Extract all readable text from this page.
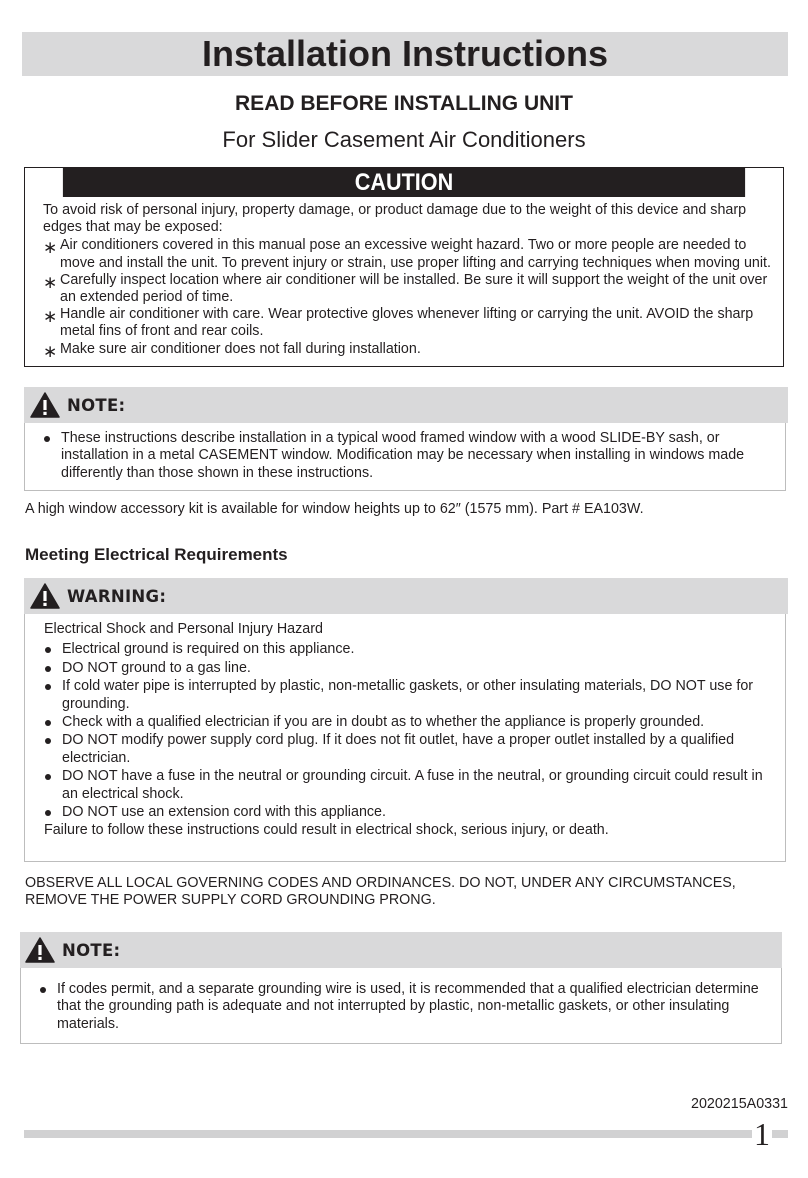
Installation Instructions
READ BEFORE INSTALLING UNIT
For Slider Casement Air Conditioners
CAUTION

To avoid risk of personal injury, property damage, or product damage due to the weight of this device and sharp edges that may be exposed:

∗ Air conditioners covered in this manual pose an excessive weight hazard. Two or more people are needed to move and install the unit. To prevent injury or strain, use proper lifting and carrying techniques when moving unit.
∗ Carefully inspect location where air conditioner will be installed. Be sure it will support the weight of the unit over an extended period of time.
∗ Handle air conditioner with care. Wear protective gloves whenever lifting or carrying the unit. AVOID the sharp metal fins of front and rear coils.
∗ Make sure air conditioner does not fall during installation.
NOTE:
These instructions describe installation in a typical wood framed window with a wood SLIDE-BY sash, or installation in a metal CASEMENT window. Modification may be necessary when installing in windows made differently than those shown in these instructions.

A high window accessory kit is available for window heights up to 62″ (1575 mm). Part # EA103W.

Meeting Electrical Requirements
WARNING:

Electrical Shock and Personal Injury Hazard

Electrical ground is required on this appliance.
DO NOT ground to a gas line.
If cold water pipe is interrupted by plastic, non-metallic gaskets, or other insulating materials, DO NOT use for grounding.
Check with a qualified electrician if you are in doubt as to whether the appliance is properly grounded.
DO NOT modify power supply cord plug. If it does not fit outlet, have a proper outlet installed by a qualified electrician.
DO NOT have a fuse in the neutral or grounding circuit. A fuse in the neutral, or grounding circuit could result in an electrical shock.
DO NOT use an extension cord with this appliance.

Failure to follow these instructions could result in electrical shock, serious injury, or death.

OBSERVE ALL LOCAL GOVERNING CODES AND ORDINANCES. DO NOT, UNDER ANY CIRCUMSTANCES, REMOVE THE POWER SUPPLY CORD GROUNDING PRONG.

NOTE:
If codes permit, and a separate grounding wire is used, it is recommended that a qualified electrician determine that the grounding path is adequate and not interrupted by plastic, non-metallic gaskets, or other insulating materials.
2020215A0331
1
